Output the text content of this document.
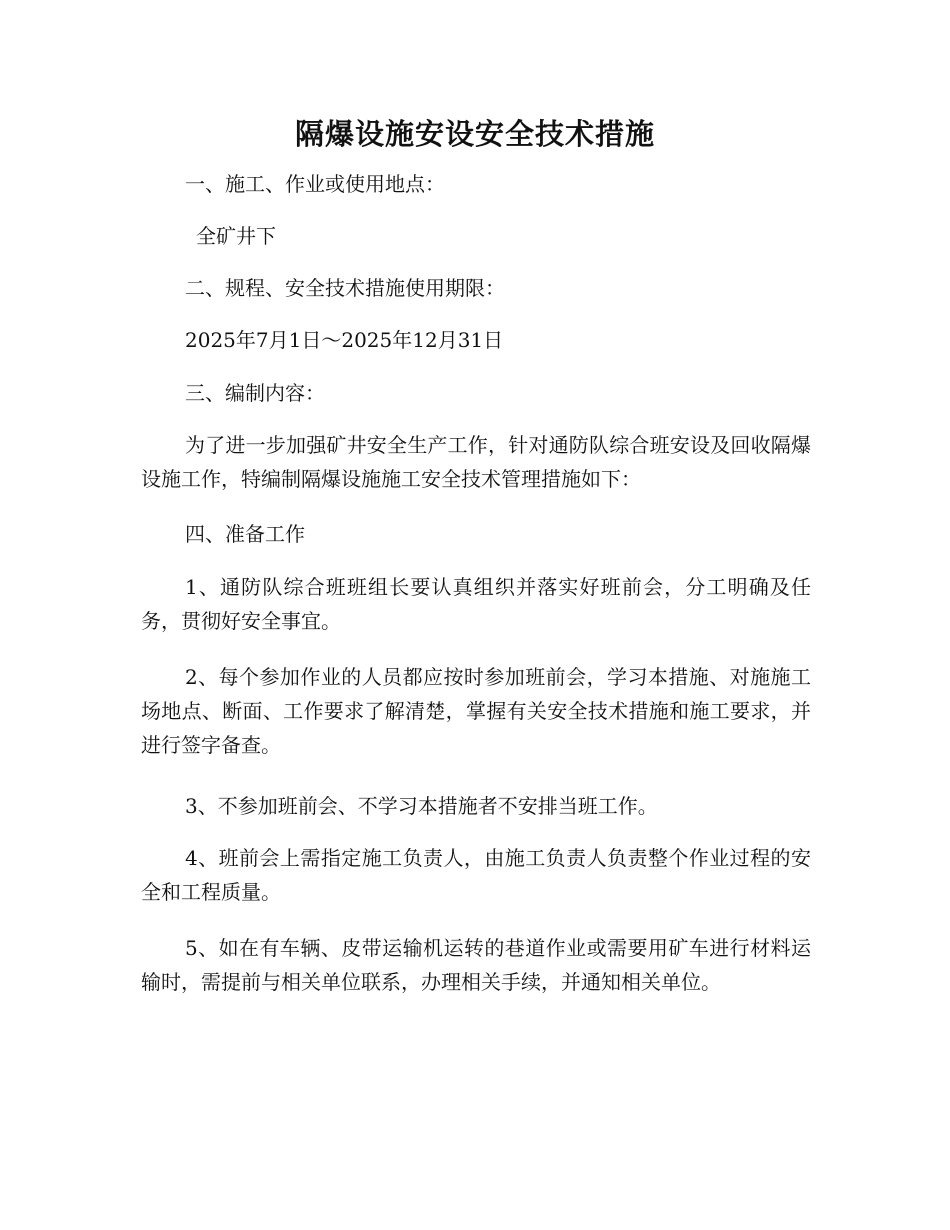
隔爆设施安设安全技术措施
一、施工、作业或使用地点：
全矿井下
二、规程、安全技术措施使用期限：
2025年7月1日～2025年12月31日
三、编制内容：
为了进一步加强矿井安全生产工作，针对通防队综合班安设及回收隔爆设施工作，特编制隔爆设施施工安全技术管理措施如下：
四、准备工作
1、通防队综合班班组长要认真组织并落实好班前会，分工明确及任务，贯彻好安全事宜。
2、每个参加作业的人员都应按时参加班前会，学习本措施、对施施工场地点、断面、工作要求了解清楚，掌握有关安全技术措施和施工要求，并进行签字备查。
3、不参加班前会、不学习本措施者不安排当班工作。
4、班前会上需指定施工负责人，由施工负责人负责整个作业过程的安全和工程质量。
5、如在有车辆、皮带运输机运转的巷道作业或需要用矿车进行材料运输时，需提前与相关单位联系，办理相关手续，并通知相关单位。
